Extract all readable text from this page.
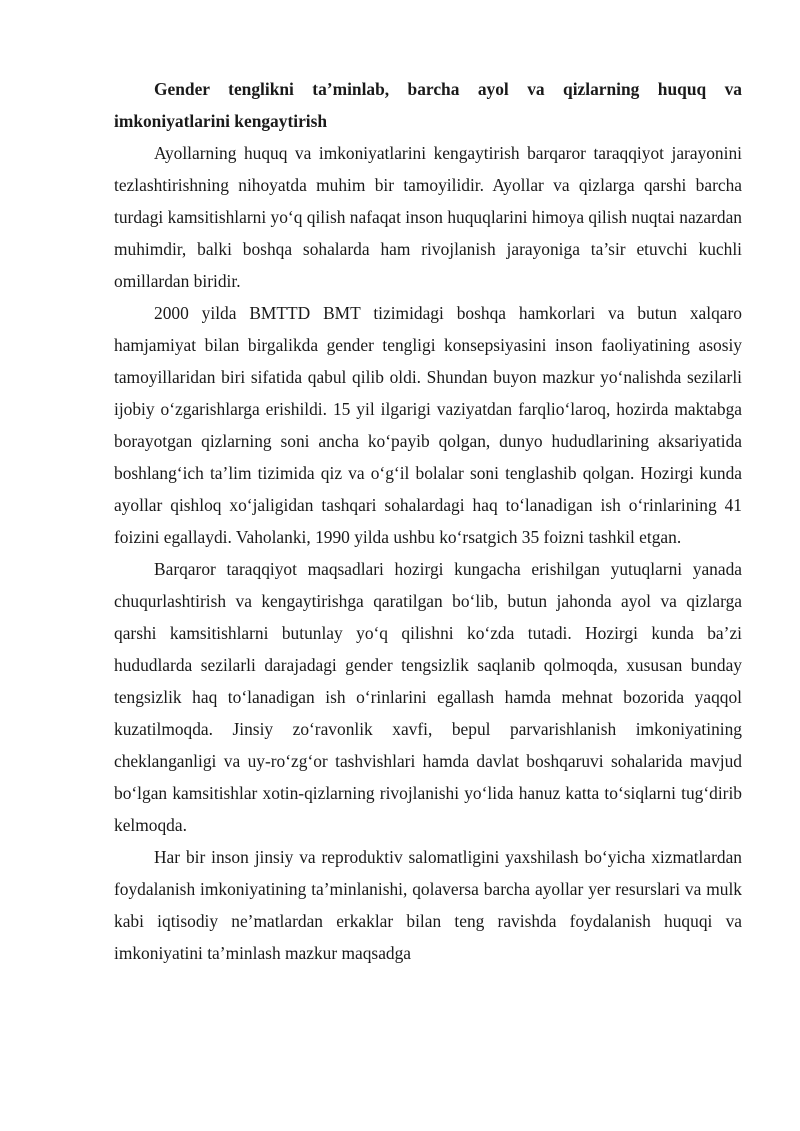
Gender tenglikni ta’minlab, barcha ayol va qizlarning huquq va imkoniyatlarini kengaytirish

Ayollarning huquq va imkoniyatlarini kengaytirish barqaror taraqqiyot jarayonini tezlashtirishning nihoyatda muhim bir tamoyilidir. Ayollar va qizlarga qarshi barcha turdagi kamsitishlarni yo‘q qilish nafaqat inson huquqlarini himoya qilish nuqtai nazardan muhimdir, balki boshqa sohalarda ham rivojlanish jarayoniga ta’sir etuvchi kuchli omillardan biridir.

2000 yilda BMTTD BMT tizimidagi boshqa hamkorlari va butun xalqaro hamjamiyat bilan birgalikda gender tengligi konsepsiyasini inson faoliyatining asosiy tamoyillaridan biri sifatida qabul qilib oldi. Shundan buyon mazkur yo‘nalishda sezilarli ijobiy o‘zgarishlarga erishildi. 15 yil ilgarigi vaziyatdan farqlio‘laroq, hozirda maktabga borayotgan qizlarning soni ancha ko‘payib qolgan, dunyo hududlarining aksariyatida boshlang‘ich ta’lim tizimida qiz va o‘g‘il bolalar soni tenglashib qolgan. Hozirgi kunda ayollar qishloq xo‘jaligidan tashqari sohalardagi haq to‘lanadigan ish o‘rinlarining 41 foizini egallaydi. Vaholanki, 1990 yilda ushbu ko‘rsatgich 35 foizni tashkil etgan.

Barqaror taraqqiyot maqsadlari hozirgi kungacha erishilgan yutuqlarni yanada chuqurlashtirish va kengaytirishga qaratilgan bo‘lib, butun jahonda ayol va qizlarga qarshi kamsitishlarni butunlay yo‘q qilishni ko‘zda tutadi. Hozirgi kunda ba’zi hududlarda sezilarli darajadagi gender tengsizlik saqlanib qolmoqda, xususan bunday tengsizlik haq to‘lanadigan ish o‘rinlarini egallash hamda mehnat bozorida yaqqol kuzatilmoqda. Jinsiy zo‘ravonlik xavfi, bepul parvarishlanish imkoniyatining cheklanganligi va uy-ro‘zg‘or tashvishlari hamda davlat boshqaruvi sohalarida mavjud bo‘lgan kamsitishlar xotin-qizlarning rivojlanishi yo‘lida hanuz katta to‘siqlarni tug‘dirib kelmoqda.

Har bir inson jinsiy va reproduktiv salomatligini yaxshilash bo‘yicha xizmatlardan foydalanish imkoniyatining ta’minlanishi, qolaversa barcha ayollar yer resurslari va mulk kabi iqtisodiy ne’matlardan erkaklar bilan teng ravishda foydalanish huquqi va imkoniyatini ta’minlash mazkur maqsadga
